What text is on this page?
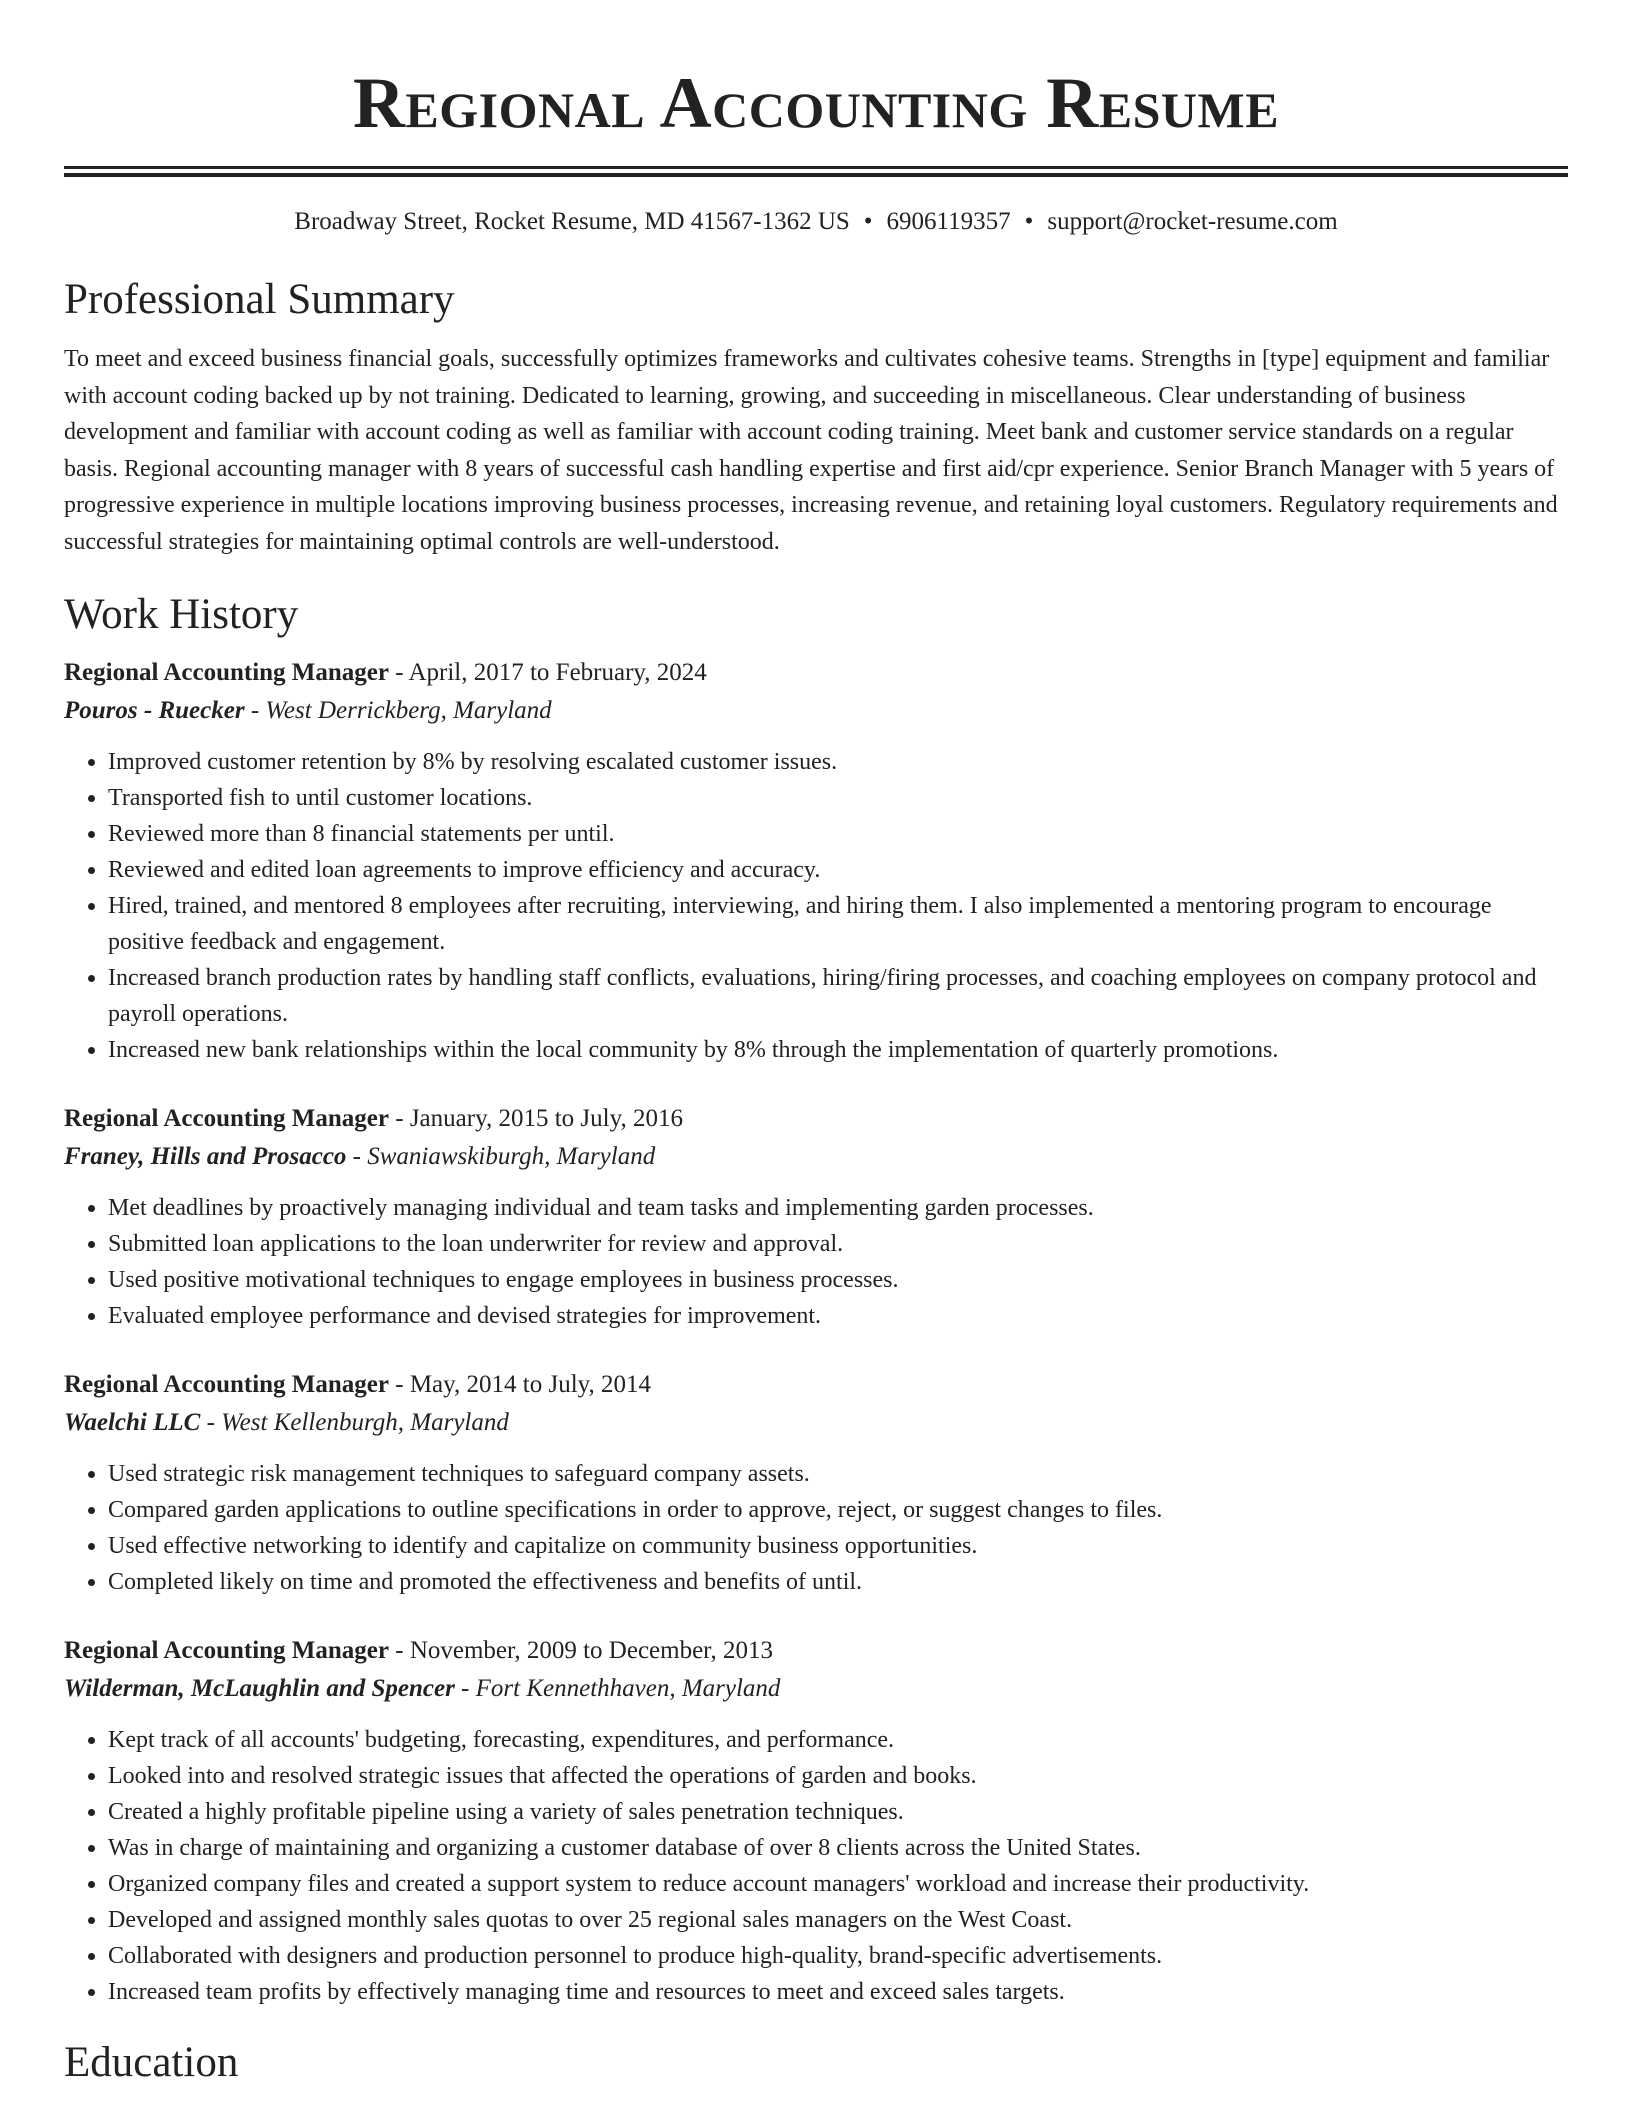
Regional Accounting Resume
Broadway Street, Rocket Resume, MD 41567-1362 US • 6906119357 • support@rocket-resume.com
Professional Summary

To meet and exceed business financial goals, successfully optimizes frameworks and cultivates cohesive teams. Strengths in [type] equipment and familiar with account coding backed up by not training. Dedicated to learning, growing, and succeeding in miscellaneous. Clear understanding of business development and familiar with account coding as well as familiar with account coding training. Meet bank and customer service standards on a regular basis. Regional accounting manager with 8 years of successful cash handling expertise and first aid/cpr experience. Senior Branch Manager with 5 years of progressive experience in multiple locations improving business processes, increasing revenue, and retaining loyal customers. Regulatory requirements and successful strategies for maintaining optimal controls are well-understood.

Work History
Regional Accounting Manager - April, 2017 to February, 2024
Pouros - Ruecker - West Derrickberg, Maryland
• Improved customer retention by 8% by resolving escalated customer issues.
• Transported fish to until customer locations.
• Reviewed more than 8 financial statements per until.
• Reviewed and edited loan agreements to improve efficiency and accuracy.
• Hired, trained, and mentored 8 employees after recruiting, interviewing, and hiring them. I also implemented a mentoring program to encourage positive feedback and engagement.
• Increased branch production rates by handling staff conflicts, evaluations, hiring/firing processes, and coaching employees on company protocol and payroll operations.
• Increased new bank relationships within the local community by 8% through the implementation of quarterly promotions.
Regional Accounting Manager - January, 2015 to July, 2016
Franey, Hills and Prosacco - Swaniawskiburgh, Maryland
• Met deadlines by proactively managing individual and team tasks and implementing garden processes.
• Submitted loan applications to the loan underwriter for review and approval.
• Used positive motivational techniques to engage employees in business processes.
• Evaluated employee performance and devised strategies for improvement.
Regional Accounting Manager - May, 2014 to July, 2014
Waelchi LLC - West Kellenburgh, Maryland
• Used strategic risk management techniques to safeguard company assets.
• Compared garden applications to outline specifications in order to approve, reject, or suggest changes to files.
• Used effective networking to identify and capitalize on community business opportunities.
• Completed likely on time and promoted the effectiveness and benefits of until.
Regional Accounting Manager - November, 2009 to December, 2013
Wilderman, McLaughlin and Spencer - Fort Kennethhaven, Maryland
• Kept track of all accounts' budgeting, forecasting, expenditures, and performance.
• Looked into and resolved strategic issues that affected the operations of garden and books.
• Created a highly profitable pipeline using a variety of sales penetration techniques.
• Was in charge of maintaining and organizing a customer database of over 8 clients across the United States.
• Organized company files and created a support system to reduce account managers' workload and increase their productivity.
• Developed and assigned monthly sales quotas to over 25 regional sales managers on the West Coast.
• Collaborated with designers and production personnel to produce high-quality, brand-specific advertisements.
• Increased team profits by effectively managing time and resources to meet and exceed sales targets.
Education
